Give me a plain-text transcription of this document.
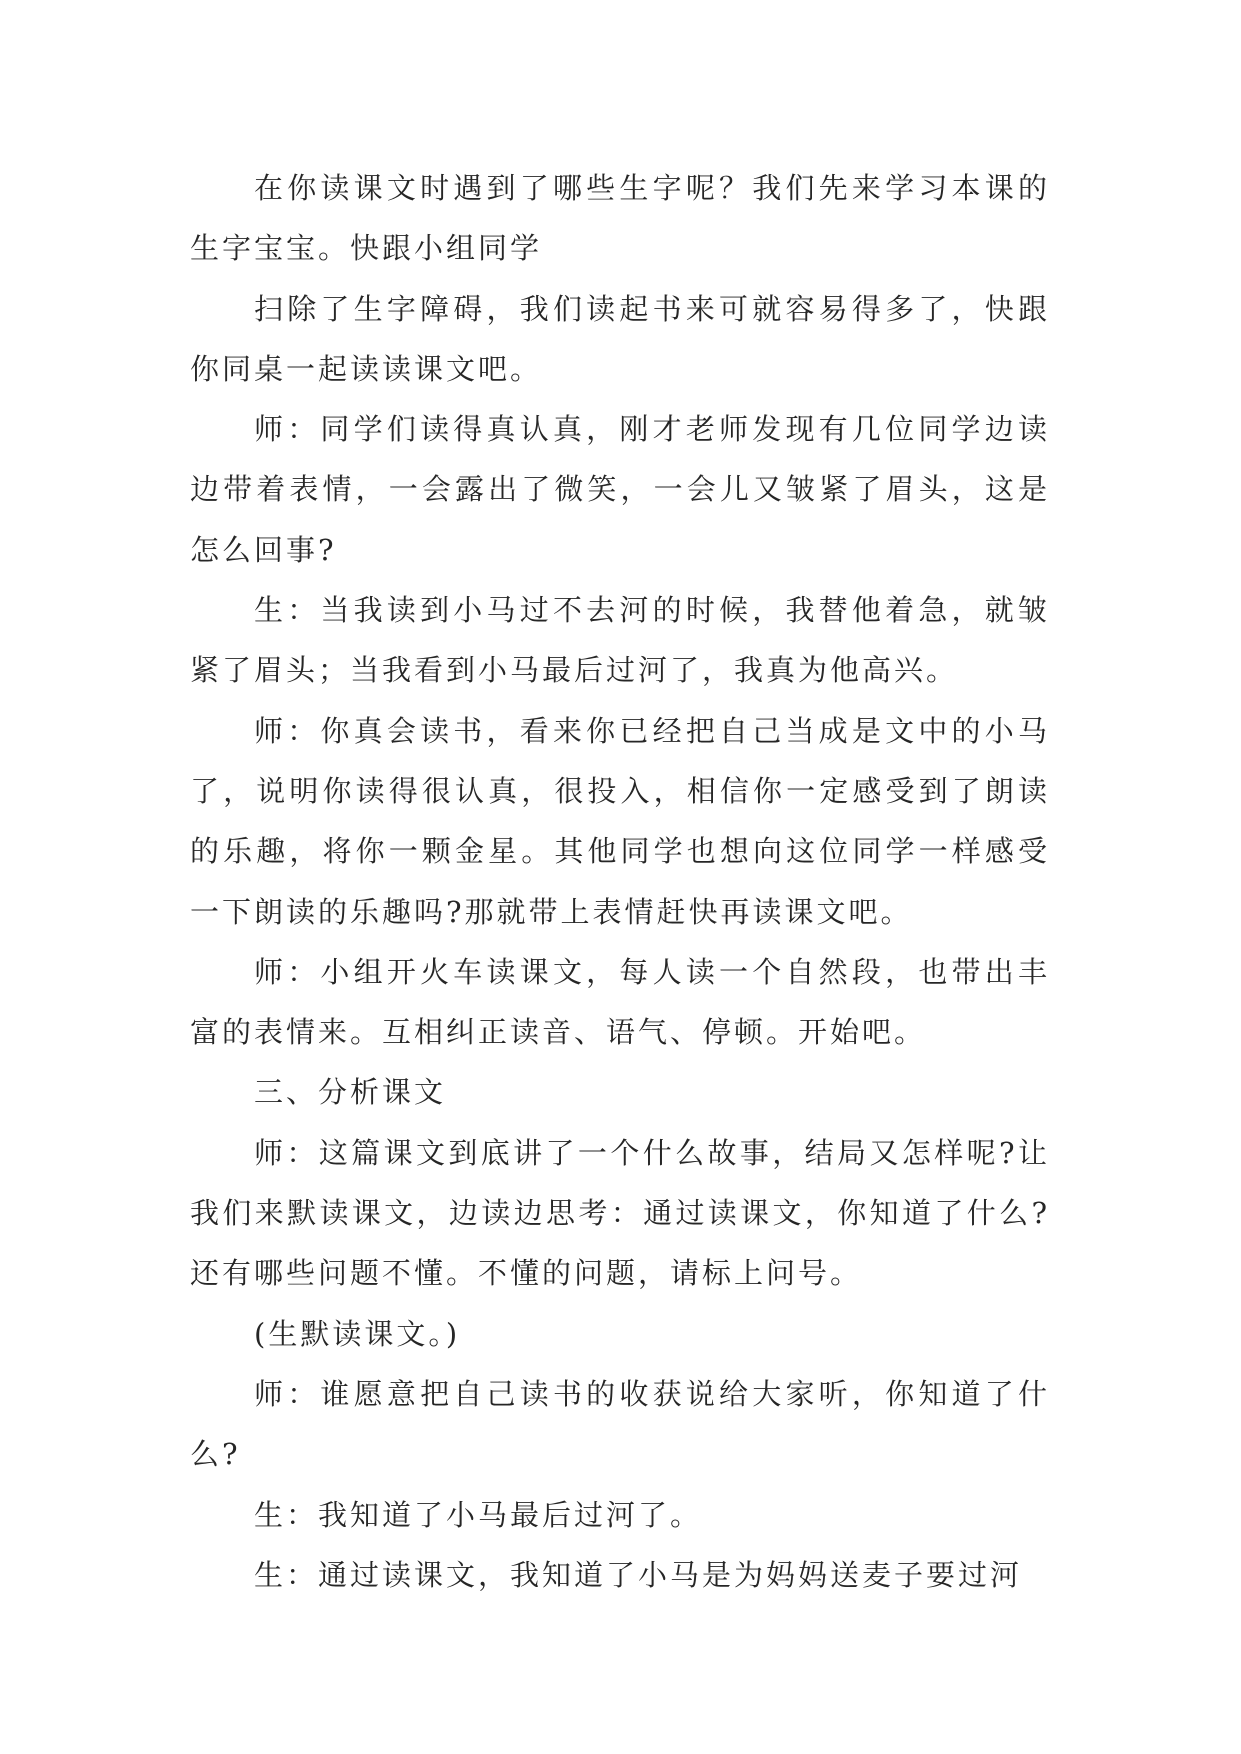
在你读课文时遇到了哪些生字呢？我们先来学习本课的生字宝宝。快跟小组同学

扫除了生字障碍，我们读起书来可就容易得多了，快跟你同桌一起读读课文吧。

师：同学们读得真认真，刚才老师发现有几位同学边读边带着表情，一会露出了微笑，一会儿又皱紧了眉头，这是怎么回事?

生：当我读到小马过不去河的时候，我替他着急，就皱紧了眉头；当我看到小马最后过河了，我真为他高兴。

师：你真会读书，看来你已经把自己当成是文中的小马了，说明你读得很认真，很投入，相信你一定感受到了朗读的乐趣，将你一颗金星。其他同学也想向这位同学一样感受一下朗读的乐趣吗?那就带上表情赶快再读课文吧。

师：小组开火车读课文，每人读一个自然段，也带出丰富的表情来。互相纠正读音、语气、停顿。开始吧。

三、分析课文

师：这篇课文到底讲了一个什么故事，结局又怎样呢?让我们来默读课文，边读边思考：通过读课文，你知道了什么?还有哪些问题不懂。不懂的问题，请标上问号。

(生默读课文。)

师：谁愿意把自己读书的收获说给大家听，你知道了什么?

生：我知道了小马最后过河了。

生：通过读课文，我知道了小马是为妈妈送麦子要过河
